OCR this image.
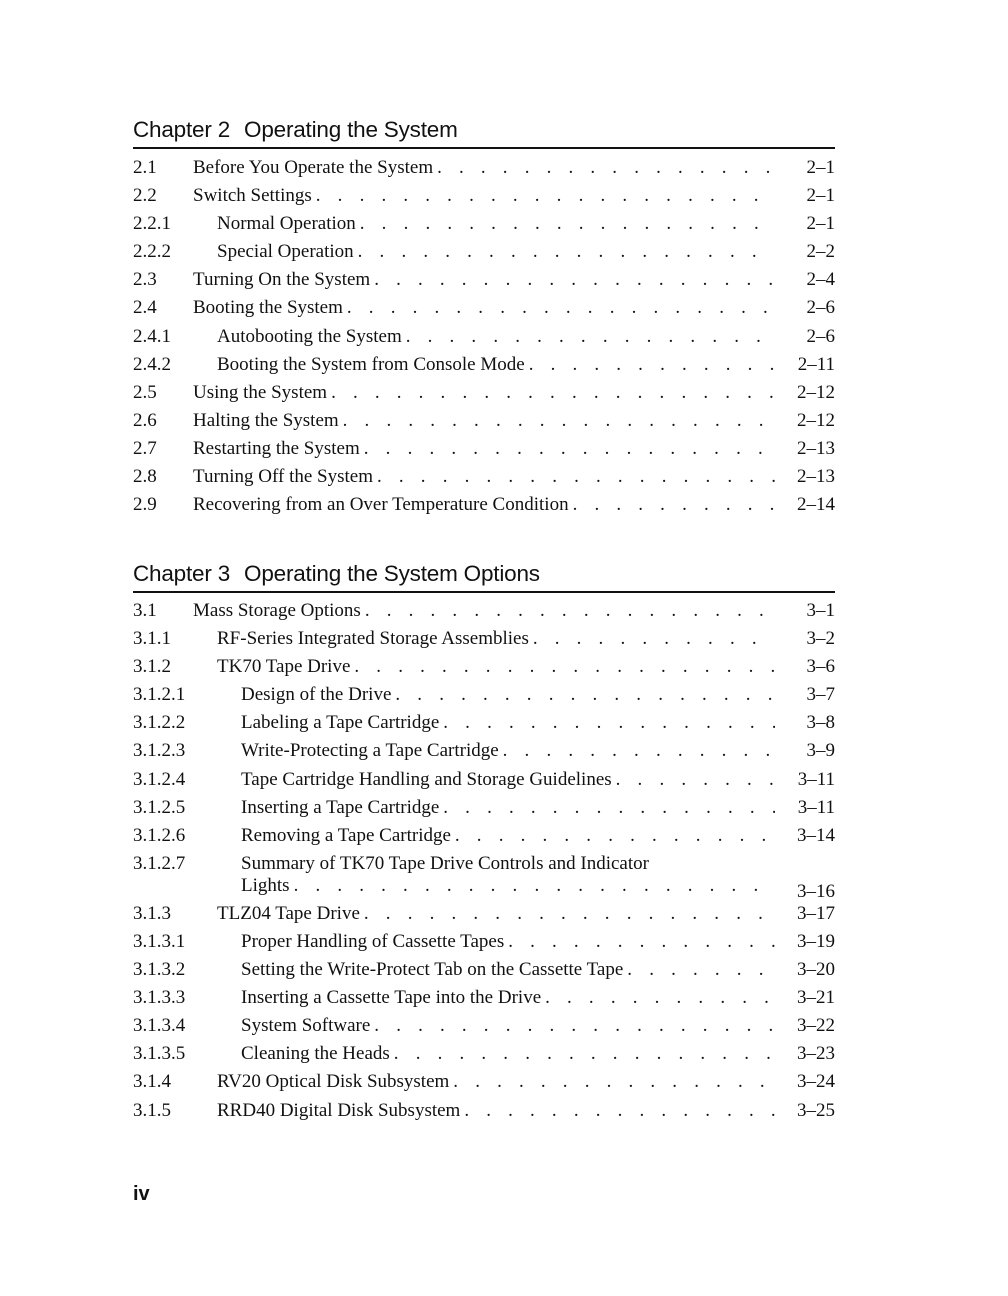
Chapter 2 Operating the System
2.1	Before You Operate the System . . .	2–1
2.2	Switch Settings . . .	2–1
2.2.1	Normal Operation . . .	2–1
2.2.2	Special Operation . . .	2–2
2.3	Turning On the System . . .	2–4
2.4	Booting the System . . .	2–6
2.4.1	Autobooting the System . . .	2–6
2.4.2	Booting the System from Console Mode . . .	2–11
2.5	Using the System . . .	2–12
2.6	Halting the System . . .	2–12
2.7	Restarting the System . . .	2–13
2.8	Turning Off the System . . .	2–13
2.9	Recovering from an Over Temperature Condition . . .	2–14
Chapter 3 Operating the System Options
3.1	Mass Storage Options . . .	3–1
3.1.1	RF-Series Integrated Storage Assemblies . . .	3–2
3.1.2	TK70 Tape Drive . . .	3–6
3.1.2.1	Design of the Drive . . .	3–7
3.1.2.2	Labeling a Tape Cartridge . . .	3–8
3.1.2.3	Write-Protecting a Tape Cartridge . . .	3–9
3.1.2.4	Tape Cartridge Handling and Storage Guidelines . . .	3–11
3.1.2.5	Inserting a Tape Cartridge . . .	3–11
3.1.2.6	Removing a Tape Cartridge . . .	3–14
3.1.2.7	Summary of TK70 Tape Drive Controls and Indicator
Lights . . .	3–16
3.1.3	TLZ04 Tape Drive . . .	3–17
3.1.3.1	Proper Handling of Cassette Tapes . . .	3–19
3.1.3.2	Setting the Write-Protect Tab on the Cassette Tape . . .	3–20
3.1.3.3	Inserting a Cassette Tape into the Drive . . .	3–21
3.1.3.4	System Software . . .	3–22
3.1.3.5	Cleaning the Heads . . .	3–23
3.1.4	RV20 Optical Disk Subsystem . . .	3–24
3.1.5	RRD40 Digital Disk Subsystem . . .	3–25
iv
